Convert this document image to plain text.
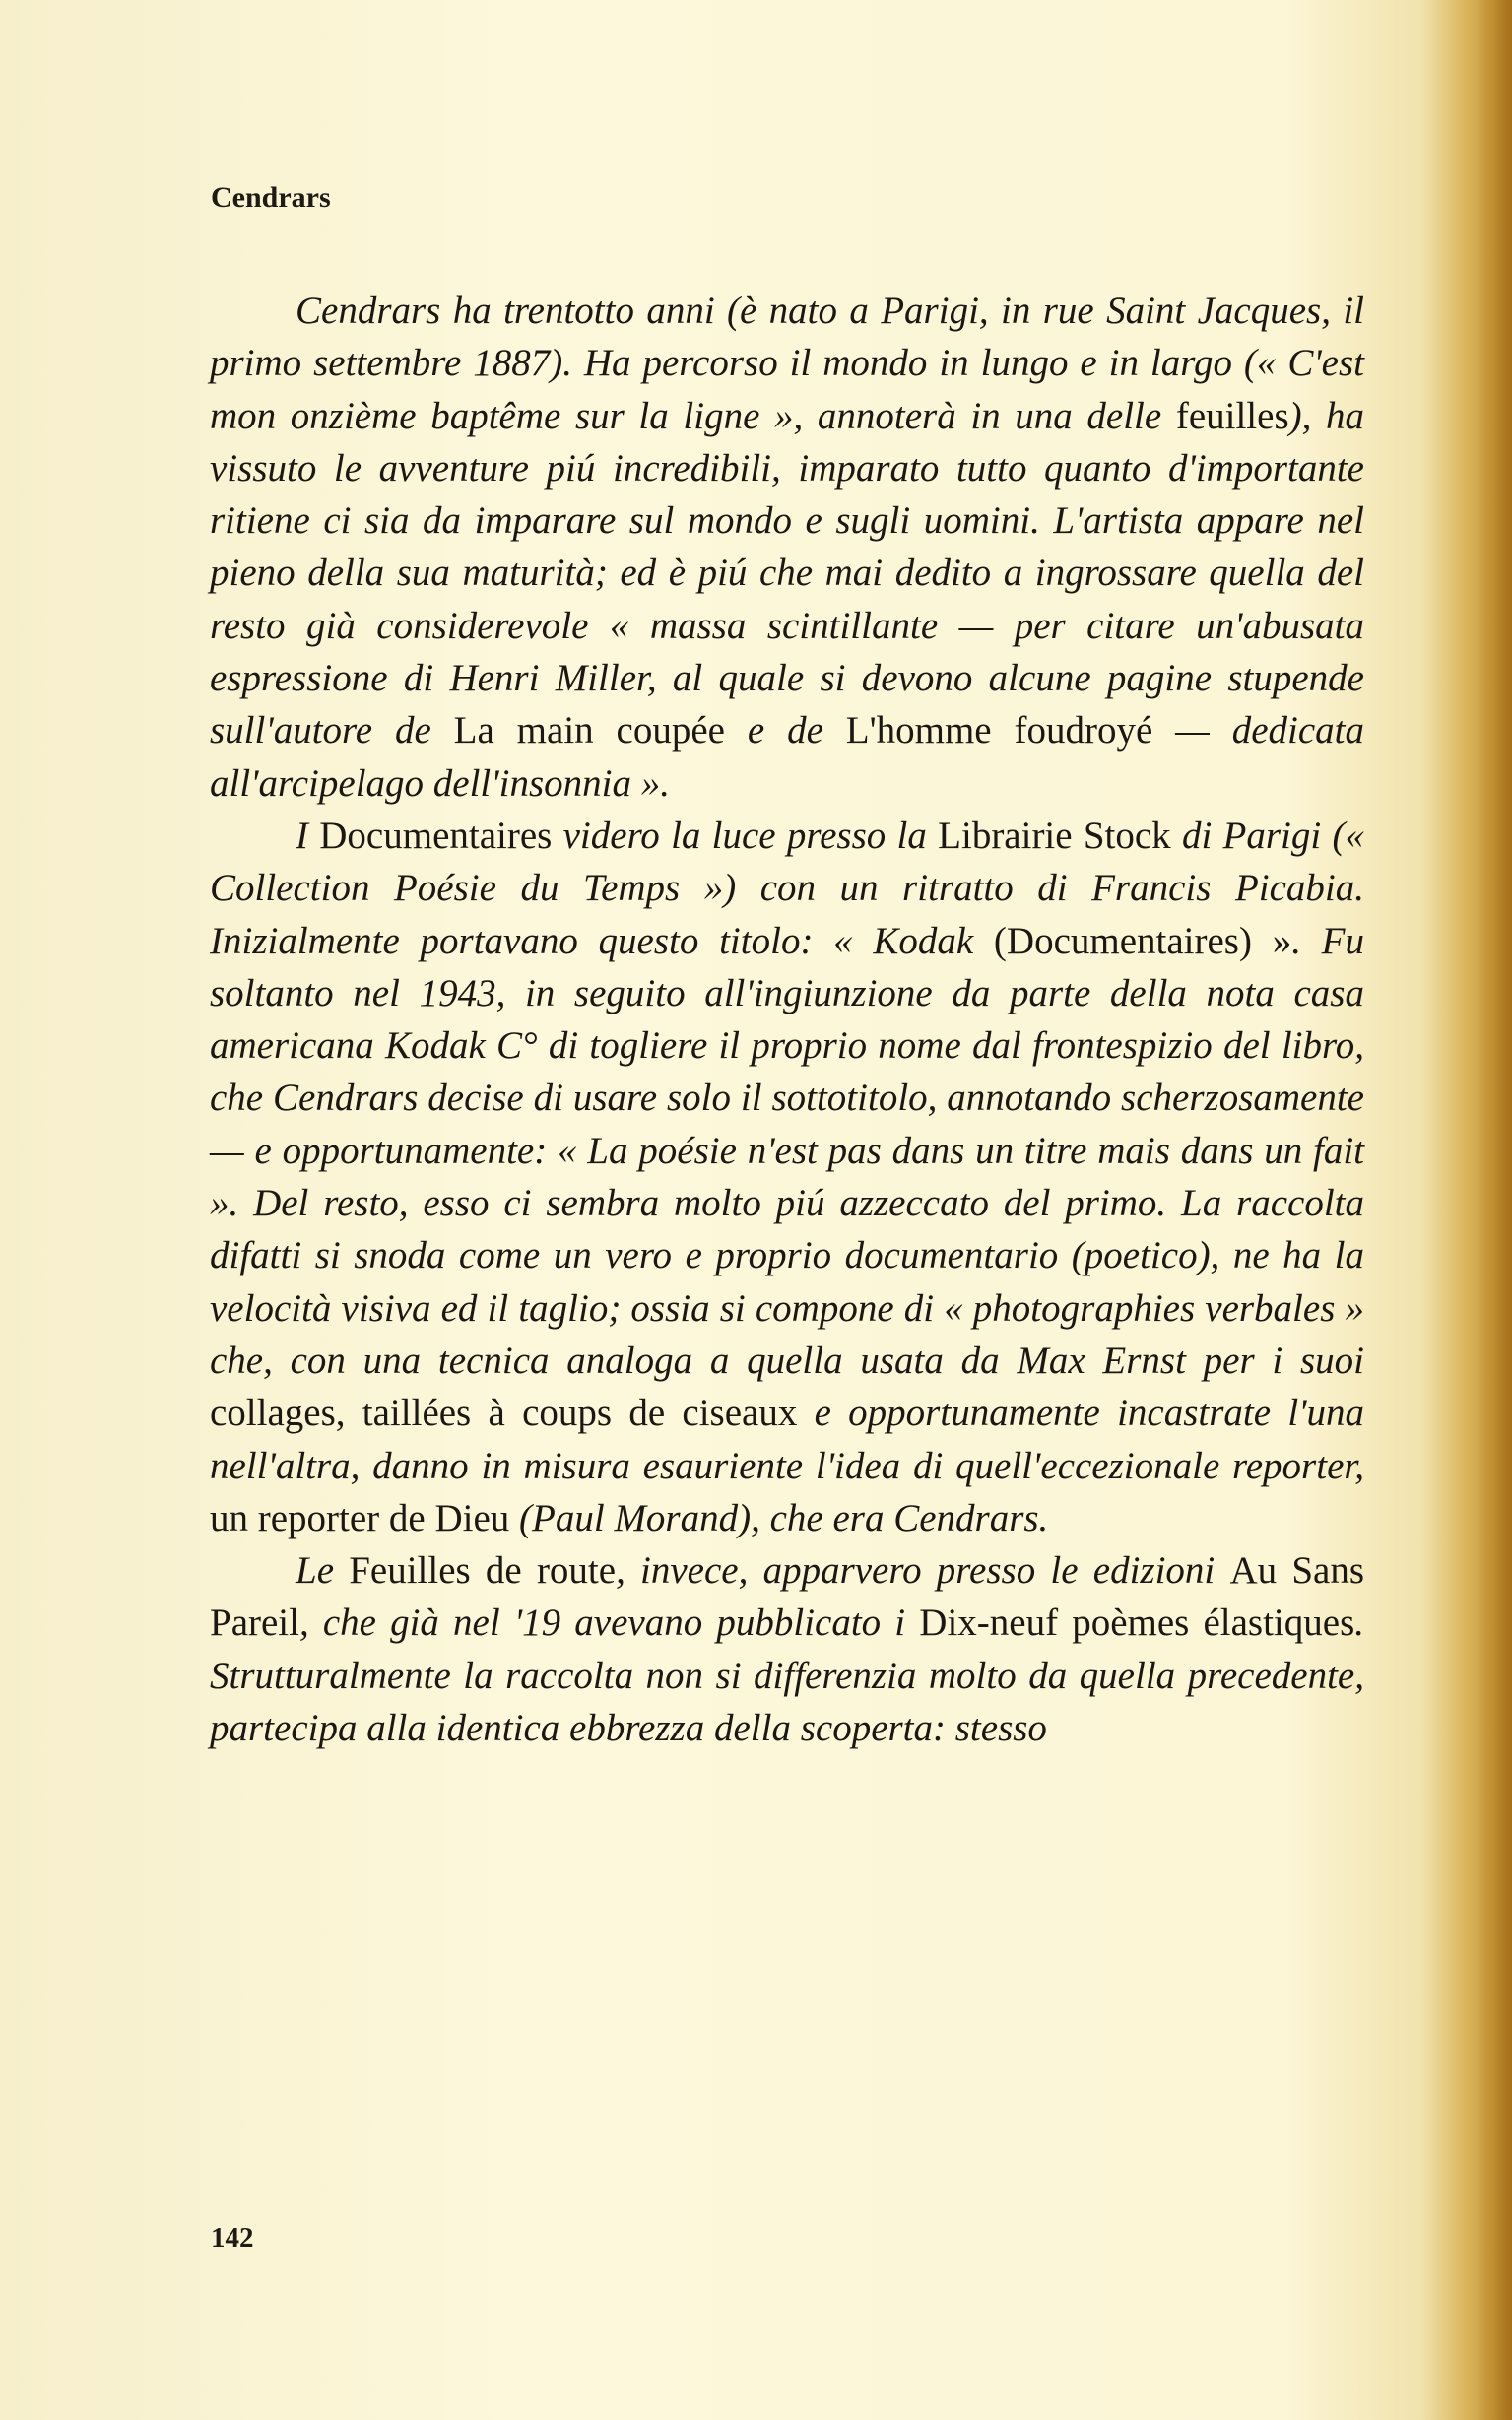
Cendrars

Cendrars ha trentotto anni (è nato a Parigi, in rue Saint Jacques, il primo settembre 1887). Ha percorso il mondo in lungo e in largo (« C'est mon onzième baptême sur la ligne », annoterà in una delle feuilles), ha vissuto le avventure piú incredibili, imparato tutto quanto d'importante ritiene ci sia da imparare sul mondo e sugli uomini. L'artista appare nel pieno della sua maturità; ed è piú che mai dedito a ingrossare quella del resto già considerevole « massa scintillante — per citare un'abusata espressione di Henri Miller, al quale si devono alcune pagine stupende sull'autore de La main coupée e de L'homme foudroyé — dedicata all'arcipelago dell'insonnia ».

I Documentaires videro la luce presso la Librairie Stock di Parigi (« Collection Poésie du Temps ») con un ritratto di Francis Picabia. Inizialmente portavano questo titolo: « Kodak (Documentaires) ». Fu soltanto nel 1943, in seguito all'ingiunzione da parte della nota casa americana Kodak C° di togliere il proprio nome dal frontespizio del libro, che Cendrars decise di usare solo il sottotitolo, annotando scherzosamente — e opportunamente: « La poésie n'est pas dans un titre mais dans un fait ». Del resto, esso ci sembra molto piú azzeccato del primo. La raccolta difatti si snoda come un vero e proprio documentario (poetico), ne ha la velocità visiva ed il taglio; ossia si compone di « photographies verbales » che, con una tecnica analoga a quella usata da Max Ernst per i suoi collages, taillées à coups de ciseaux e opportunamente incastrate l'una nell'altra, danno in misura esauriente l'idea di quell'eccezionale reporter, un reporter de Dieu (Paul Morand), che era Cendrars.

Le Feuilles de route, invece, apparvero presso le edizioni Au Sans Pareil, che già nel '19 avevano pubblicato i Dix-neuf poèmes élastiques. Strutturalmente la raccolta non si differenzia molto da quella precedente, partecipa alla identica ebbrezza della scoperta: stesso

142
